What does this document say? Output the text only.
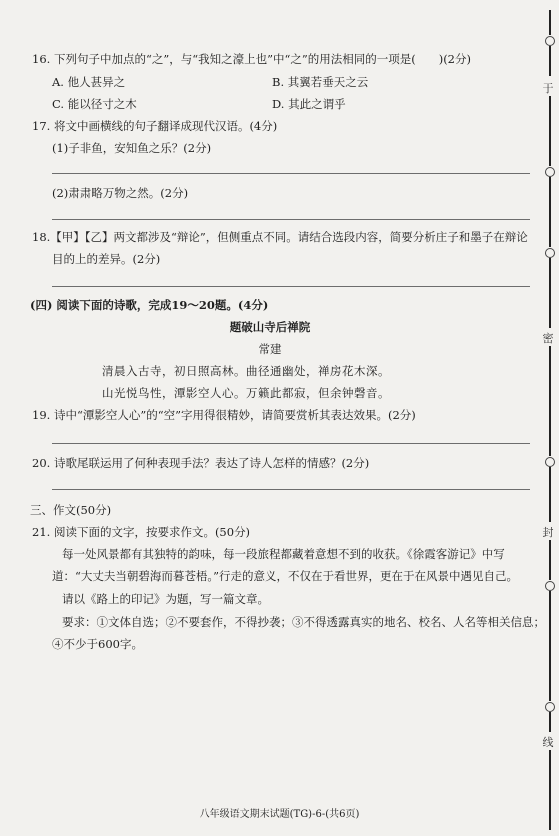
16. 下列句子中加点的“之”，与“我知之濠上也”中“之”的用法相同的一项是(　　)(2分)
A. 他人甚异之	B. 其翼若垂天之云
C. 能以径寸之木	D. 其此之谓乎
17. 将文中画横线的句子翻译成现代汉语。(4分)
(1)子非鱼，安知鱼之乐？(2分)
(2)肃肃略万物之然。(2分)
18.【甲】【乙】两文都涉及“辩论”，但侧重点不同。请结合选段内容，简要分析庄子和墨子在辩论
目的上的差异。(2分)
(四) 阅读下面的诗歌，完成19～20题。(4分)
题破山寺后禅院
常建
清晨入古寺，初日照高林。曲径通幽处，禅房花木深。
山光悦鸟性，潭影空人心。万籁此都寂，但余钟磬音。
19. 诗中“潭影空人心”的“空”字用得很精妙，请简要赏析其表达效果。(2分)
20. 诗歌尾联运用了何种表现手法？表达了诗人怎样的情感？(2分)
三、作文(50分)
21. 阅读下面的文字，按要求作文。(50分)
每一处风景都有其独特的韵味，每一段旅程都藏着意想不到的收获。《徐霞客游记》中写
道：“大丈夫当朝碧海而暮苍梧。”行走的意义，不仅在于看世界，更在于在风景中遇见自己。
请以《路上的印记》为题，写一篇文章。
要求：①文体自选；②不要套作，不得抄袭；③不得透露真实的地名、校名、人名等相关信息；
④不少于600字。
于
密
封
线
八年级语文期末试题(TG)-6-(共6页)
